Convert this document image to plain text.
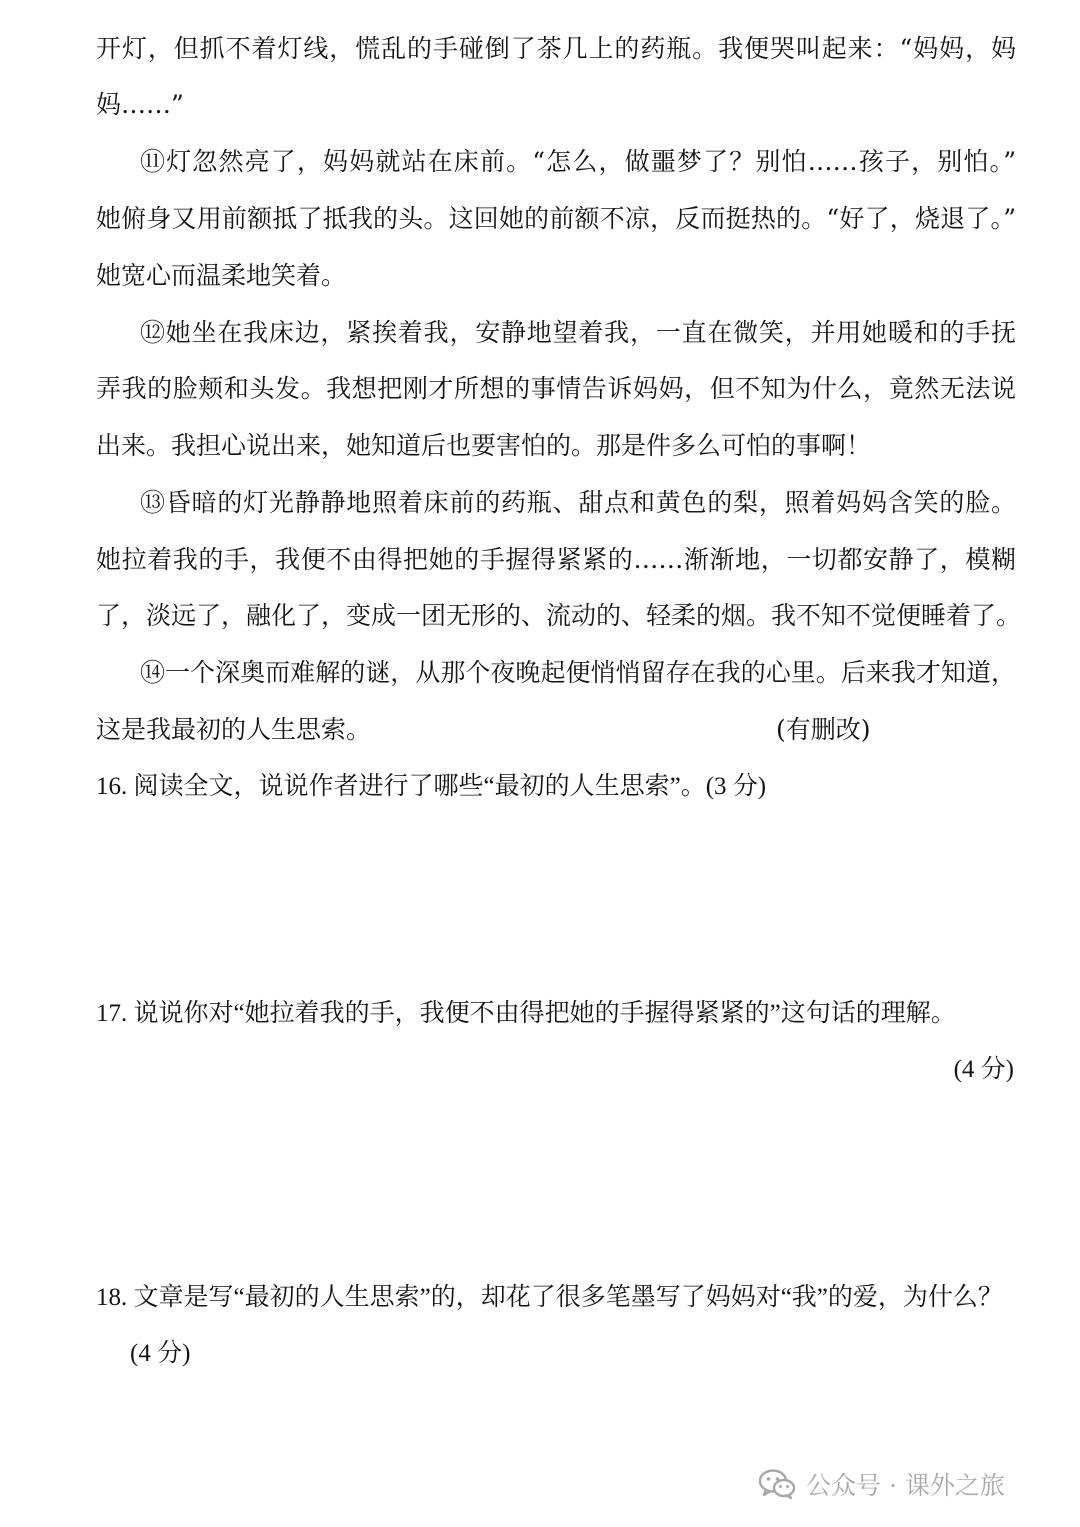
开灯，但抓不着灯线，慌乱的手碰倒了茶几上的药瓶。我便哭叫起来：“妈妈，妈
妈……”
⑪灯忽然亮了，妈妈就站在床前。“怎么，做噩梦了？别怕……孩子，别怕。”
她俯身又用前额抵了抵我的头。这回她的前额不凉，反而挺热的。“好了，烧退了。”
她宽心而温柔地笑着。
⑫她坐在我床边，紧挨着我，安静地望着我，一直在微笑，并用她暖和的手抚
弄我的脸颊和头发。我想把刚才所想的事情告诉妈妈，但不知为什么，竟然无法说
出来。我担心说出来，她知道后也要害怕的。那是件多么可怕的事啊！
⑬昏暗的灯光静静地照着床前的药瓶、甜点和黄色的梨，照着妈妈含笑的脸。
她拉着我的手，我便不由得把她的手握得紧紧的……渐渐地，一切都安静了，模糊
了，淡远了，融化了，变成一团无形的、流动的、轻柔的烟。我不知不觉便睡着了。
⑭一个深奥而难解的谜，从那个夜晚起便悄悄留存在我的心里。后来我才知道，
这是我最初的人生思索。	(有删改)
16. 阅读全文，说说作者进行了哪些“最初的人生思索”。(3 分)
17. 说说你对“她拉着我的手，我便不由得把她的手握得紧紧的”这句话的理解。
(4 分)
18. 文章是写“最初的人生思索”的，却花了很多笔墨写了妈妈对“我”的爱，为什么？
(4 分)
公众号 · 课外之旅
